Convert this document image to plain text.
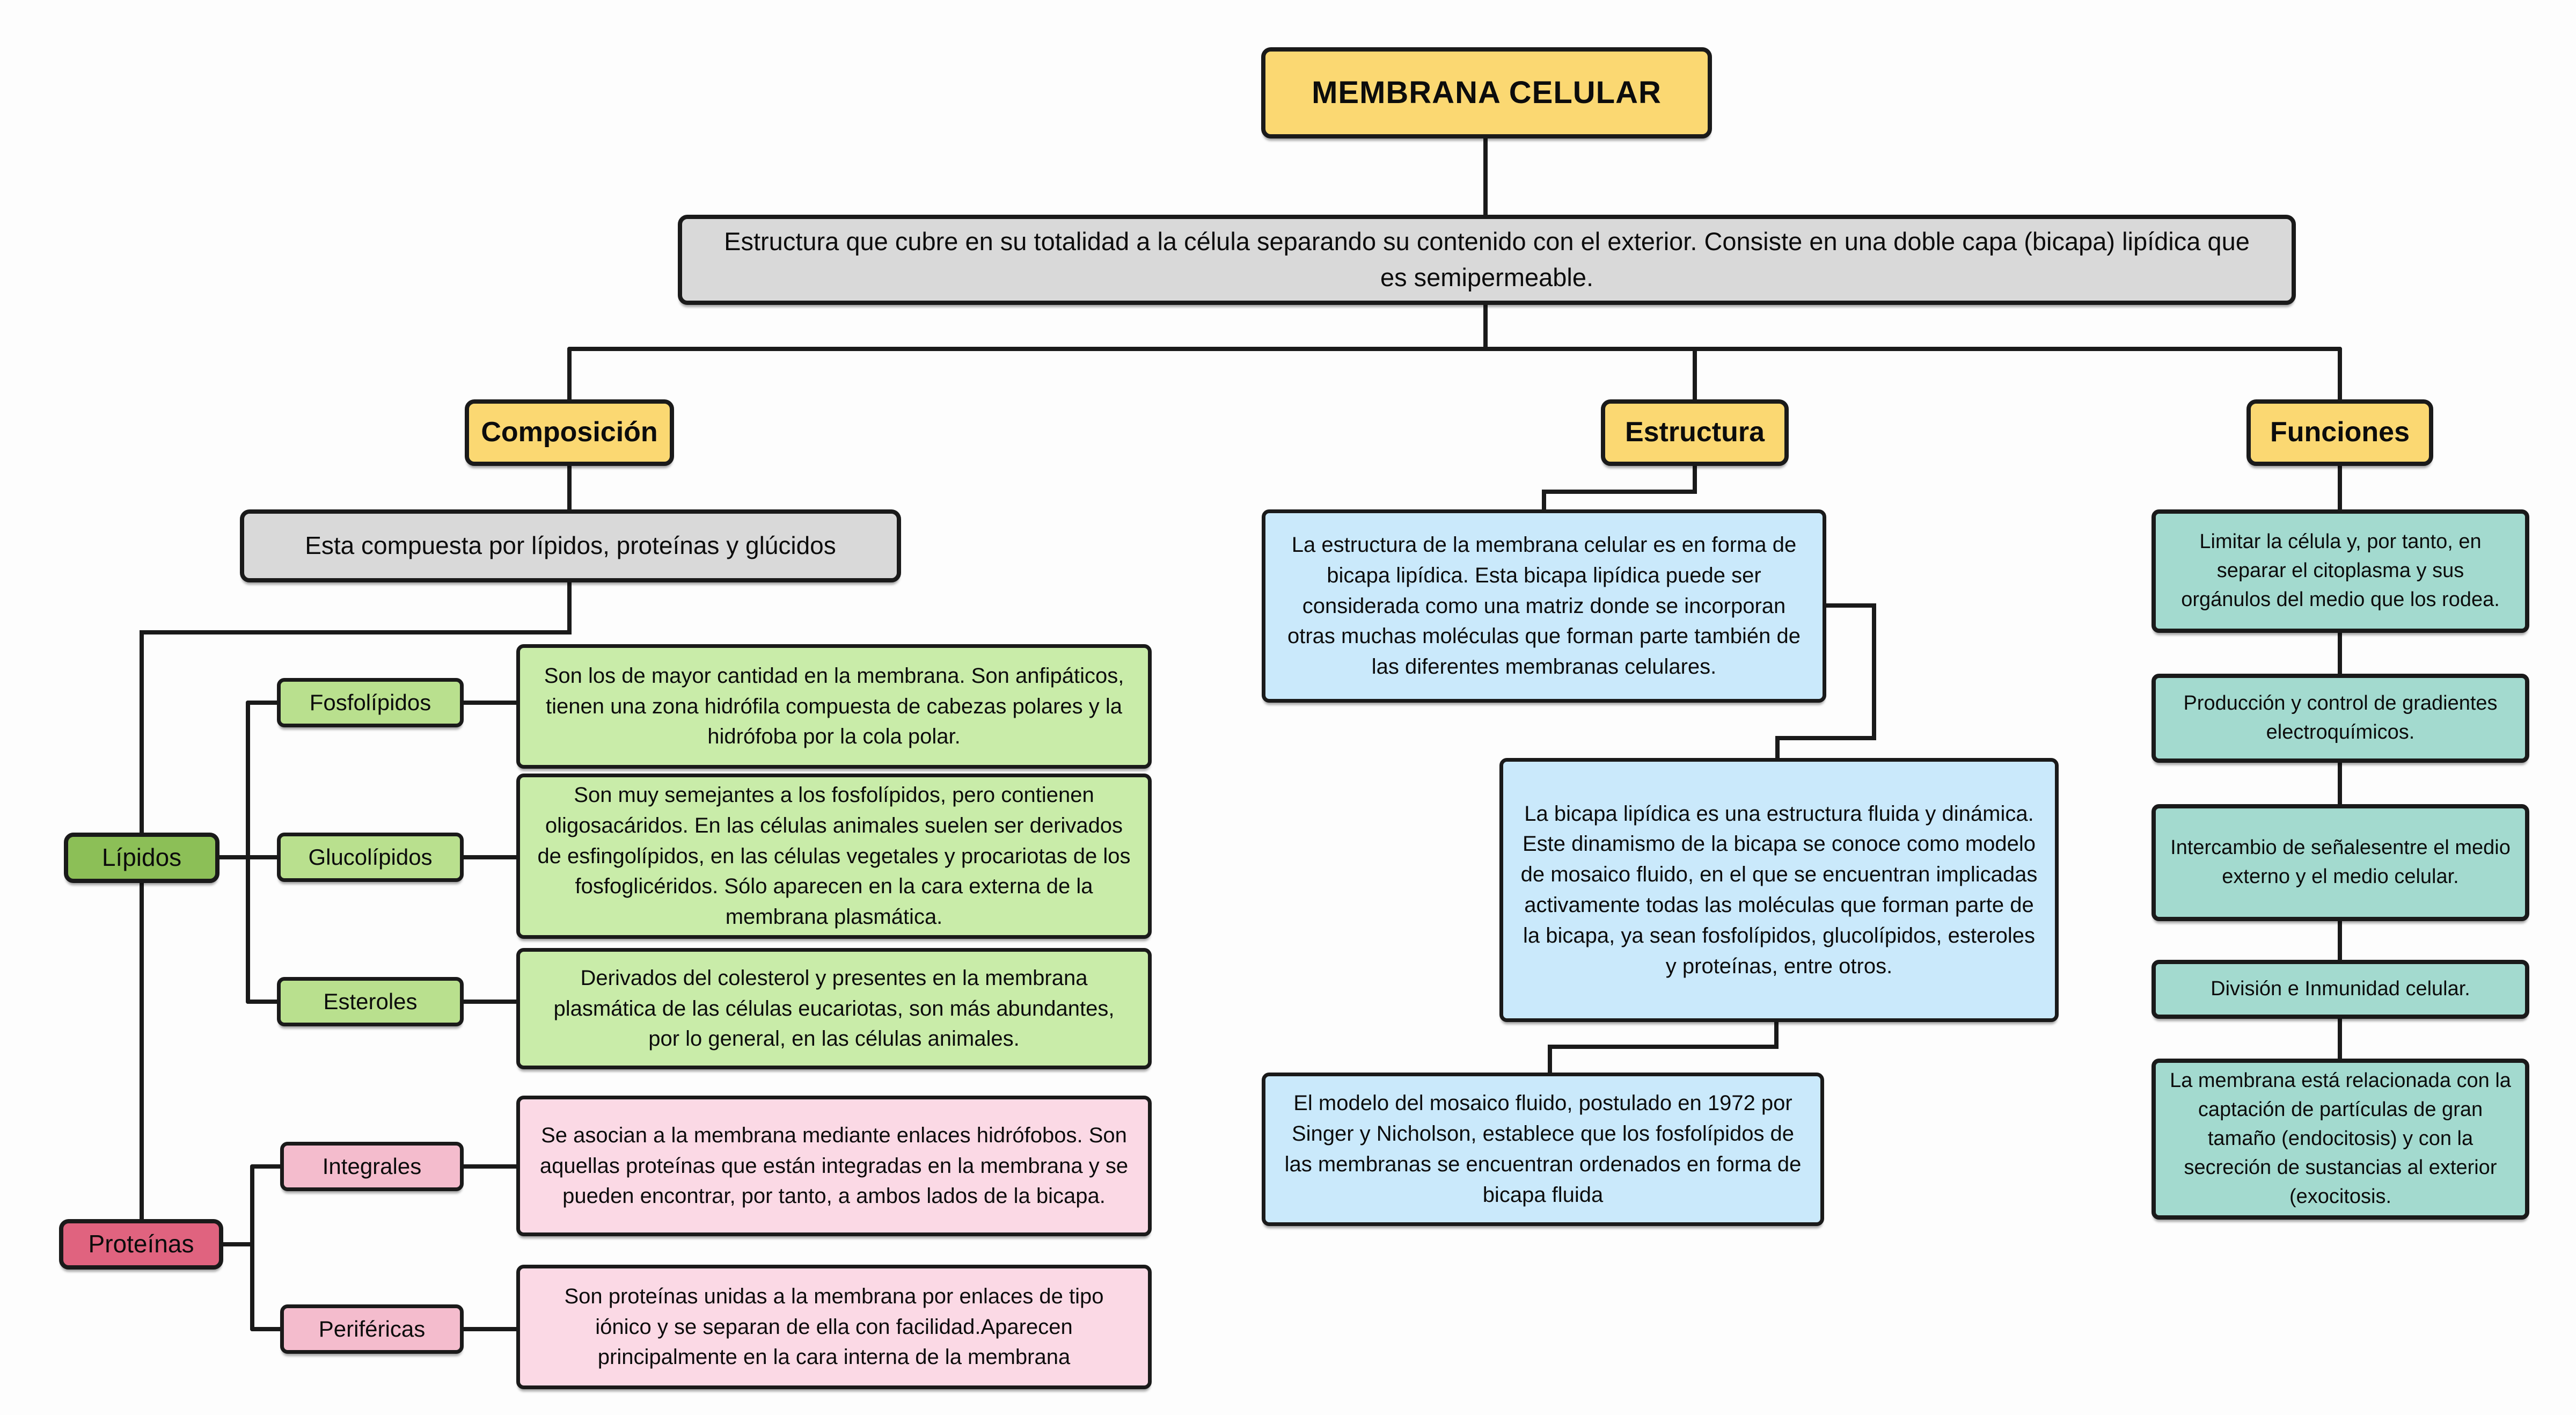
MEMBRANA CELULAR
Estructura que cubre en su totalidad a la célula separando su contenido con el exterior. Consiste en una doble capa (bicapa) lipídica que es semipermeable.
Composición	Estructura	Funciones
Esta compuesta por lípidos, proteínas y glúcidos
Lípidos
Fosfolípidos
Son los de mayor cantidad en la membrana. Son anfipáticos, tienen una zona hidrófila compuesta de cabezas polares y la hidrófoba por la cola polar.
Glucolípidos
Son muy semejantes a los fosfolípidos, pero contienen oligosacáridos. En las células animales suelen ser derivados de esfingolípidos, en las células vegetales y procariotas de los fosfoglicéridos. Sólo aparecen en la cara externa de la membrana plasmática.
Esteroles
Derivados del colesterol y presentes en la membrana plasmática de las células eucariotas, son más abundantes, por lo general, en las células animales.
Proteínas
Integrales
Se asocian a la membrana mediante enlaces hidrófobos. Son aquellas proteínas que están integradas en la membrana y se pueden encontrar, por tanto, a ambos lados de la bicapa.
Periféricas
Son proteínas unidas a la membrana por enlaces de tipo iónico y se separan de ella con facilidad.Aparecen principalmente en la cara interna de la membrana
La estructura de la membrana celular es en forma de bicapa lipídica. Esta bicapa lipídica puede ser considerada como una matriz donde se incorporan otras muchas moléculas que forman parte también de las diferentes membranas celulares.
La bicapa lipídica es una estructura fluida y dinámica. Este dinamismo de la bicapa se conoce como modelo de mosaico fluido, en el que se encuentran implicadas activamente todas las moléculas que forman parte de la bicapa, ya sean fosfolípidos, glucolípidos, esteroles y proteínas, entre otros.
El modelo del mosaico fluido, postulado en 1972 por Singer y Nicholson, establece que los fosfolípidos de las membranas se encuentran ordenados en forma de bicapa fluida
Limitar la célula y, por tanto, en separar el citoplasma y sus orgánulos del medio que los rodea.
Producción y control de gradientes electroquímicos.
Intercambio de señalesentre el medio externo y el medio celular.
División e Inmunidad celular.
La membrana está relacionada con la captación de partículas de gran tamaño (endocitosis) y con la secreción de sustancias al exterior (exocitosis.
